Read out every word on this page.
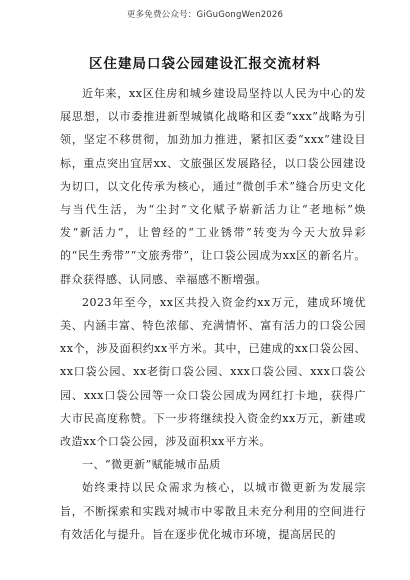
更多免费公众号：GiGuGongWen2026
区住建局口袋公园建设汇报交流材料

近年来，xx区住房和城乡建设局坚持以人民为中心的发展思想，以市委推进新型城镇化战略和区委“xxx”战略为引领，坚定不移贯彻，加劲加力推进，紧扣区委“xxx”建设目标，重点突出宜居xx、文旅强区发展路径，以口袋公园建设为切口，以文化传承为核心，通过“微创手术”缝合历史文化与当代生活，为“尘封”文化赋予崭新活力让“老地标”焕发“新活力”，让曾经的“工业锈带”转变为今天大放异彩的“民生秀带”“文旅秀带”，让口袋公园成为xx区的新名片。群众获得感、认同感、幸福感不断增强。

2023年至今，xx区共投入资金约xx万元，建成环境优美、内涵丰富、特色浓郁、充满情怀、富有活力的口袋公园xx个，涉及面积约xx平方米。其中，已建成的xx口袋公园、xx口袋公园、xx老街口袋公园、xxx口袋公园、xxx口袋公园、xxx口袋公园等一众口袋公园成为网红打卡地，获得广大市民高度称赞。下一步将继续投入资金约xx万元，新建或改造xx个口袋公园，涉及面积xx平方米。

一、“微更新”赋能城市品质

始终秉持以民众需求为核心，以城市微更新为发展宗旨，不断探索和实践对城市中零散且未充分利用的空间进行有效活化与提升。旨在逐步优化城市环境，提高居民的
